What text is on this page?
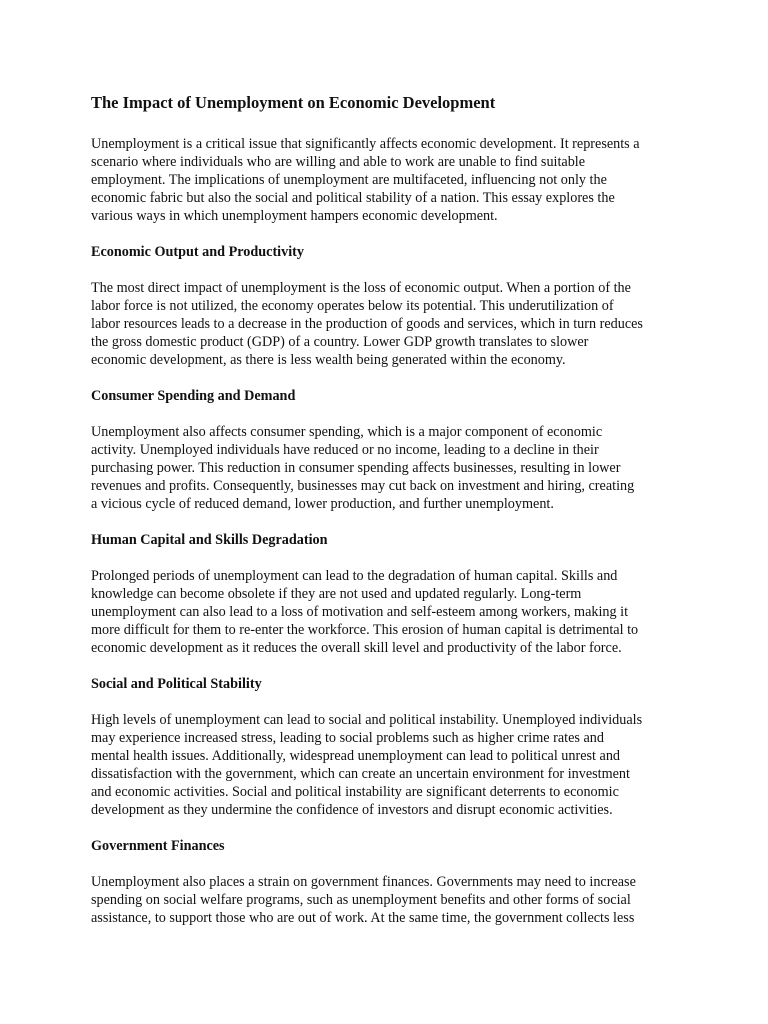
The Impact of Unemployment on Economic Development

Unemployment is a critical issue that significantly affects economic development. It represents a
scenario where individuals who are willing and able to work are unable to find suitable
employment. The implications of unemployment are multifaceted, influencing not only the
economic fabric but also the social and political stability of a nation. This essay explores the
various ways in which unemployment hampers economic development.

Economic Output and Productivity

The most direct impact of unemployment is the loss of economic output. When a portion of the
labor force is not utilized, the economy operates below its potential. This underutilization of
labor resources leads to a decrease in the production of goods and services, which in turn reduces
the gross domestic product (GDP) of a country. Lower GDP growth translates to slower
economic development, as there is less wealth being generated within the economy.

Consumer Spending and Demand

Unemployment also affects consumer spending, which is a major component of economic
activity. Unemployed individuals have reduced or no income, leading to a decline in their
purchasing power. This reduction in consumer spending affects businesses, resulting in lower
revenues and profits. Consequently, businesses may cut back on investment and hiring, creating
a vicious cycle of reduced demand, lower production, and further unemployment.

Human Capital and Skills Degradation

Prolonged periods of unemployment can lead to the degradation of human capital. Skills and
knowledge can become obsolete if they are not used and updated regularly. Long-term
unemployment can also lead to a loss of motivation and self-esteem among workers, making it
more difficult for them to re-enter the workforce. This erosion of human capital is detrimental to
economic development as it reduces the overall skill level and productivity of the labor force.

Social and Political Stability

High levels of unemployment can lead to social and political instability. Unemployed individuals
may experience increased stress, leading to social problems such as higher crime rates and
mental health issues. Additionally, widespread unemployment can lead to political unrest and
dissatisfaction with the government, which can create an uncertain environment for investment
and economic activities. Social and political instability are significant deterrents to economic
development as they undermine the confidence of investors and disrupt economic activities.

Government Finances

Unemployment also places a strain on government finances. Governments may need to increase
spending on social welfare programs, such as unemployment benefits and other forms of social
assistance, to support those who are out of work. At the same time, the government collects less
